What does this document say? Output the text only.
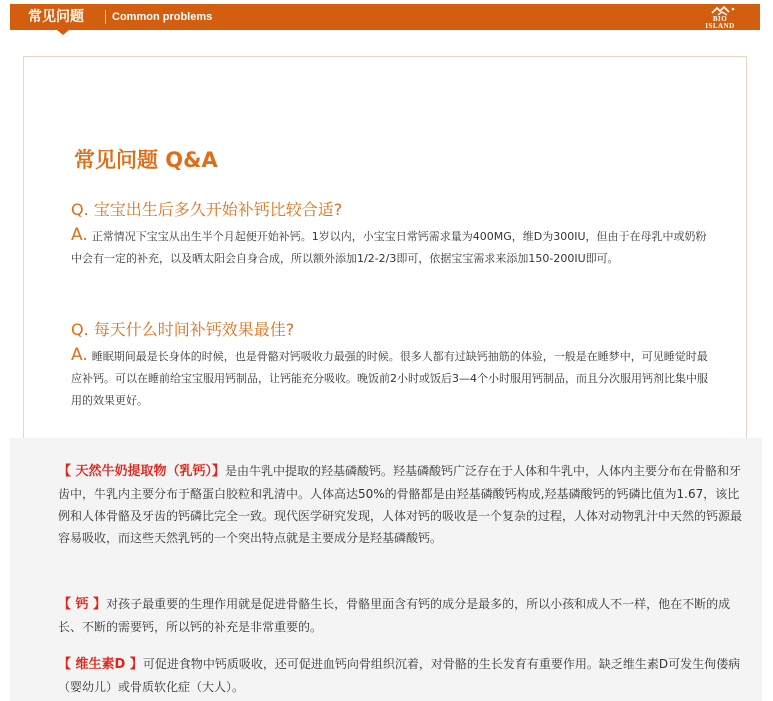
常见问题	Common problems	BIO
ISLAND
常见问题 Q&A
Q. 宝宝出生后多久开始补钙比较合适?
A. 正常情况下宝宝从出生半个月起便开始补钙。1岁以内，小宝宝日常钙需求量为400MG，维D为300IU，但由于在母乳中或奶粉中会有一定的补充，以及晒太阳会自身合成，所以额外添加1/2-2/3即可，依据宝宝需求来添加150-200IU即可。
Q. 每天什么时间补钙效果最佳?
A. 睡眠期间最是长身体的时候，也是骨骼对钙吸收力最强的时候。很多人都有过缺钙抽筋的体验，一般是在睡梦中，可见睡觉时最应补钙。可以在睡前给宝宝服用钙制品，让钙能充分吸收。晚饭前2小时或饭后3—4个小时服用钙制品，而且分次服用钙剂比集中服用的效果更好。
【 天然牛奶提取物（乳钙）】是由牛乳中提取的羟基磷酸钙。羟基磷酸钙广泛存在于人体和牛乳中，人体内主要分布在骨骼和牙齿中，牛乳内主要分布于酪蛋白胶粒和乳清中。人体高达50%的骨骼都是由羟基磷酸钙构成,羟基磷酸钙的钙磷比值为1.67，该比例和人体骨骼及牙齿的钙磷比完全一致。现代医学研究发现，人体对钙的吸收是一个复杂的过程，人体对动物乳汁中天然的钙源最容易吸收，而这些天然乳钙的一个突出特点就是主要成分是羟基磷酸钙。
【 钙 】对孩子最重要的生理作用就是促进骨骼生长，骨骼里面含有钙的成分是最多的，所以小孩和成人不一样，他在不断的成长、不断的需要钙，所以钙的补充是非常重要的。
【 维生素D 】可促进食物中钙质吸收，还可促进血钙向骨组织沉着，对骨骼的生长发育有重要作用。缺乏维生素D可发生佝偻病（婴幼儿）或骨质软化症（大人）。
